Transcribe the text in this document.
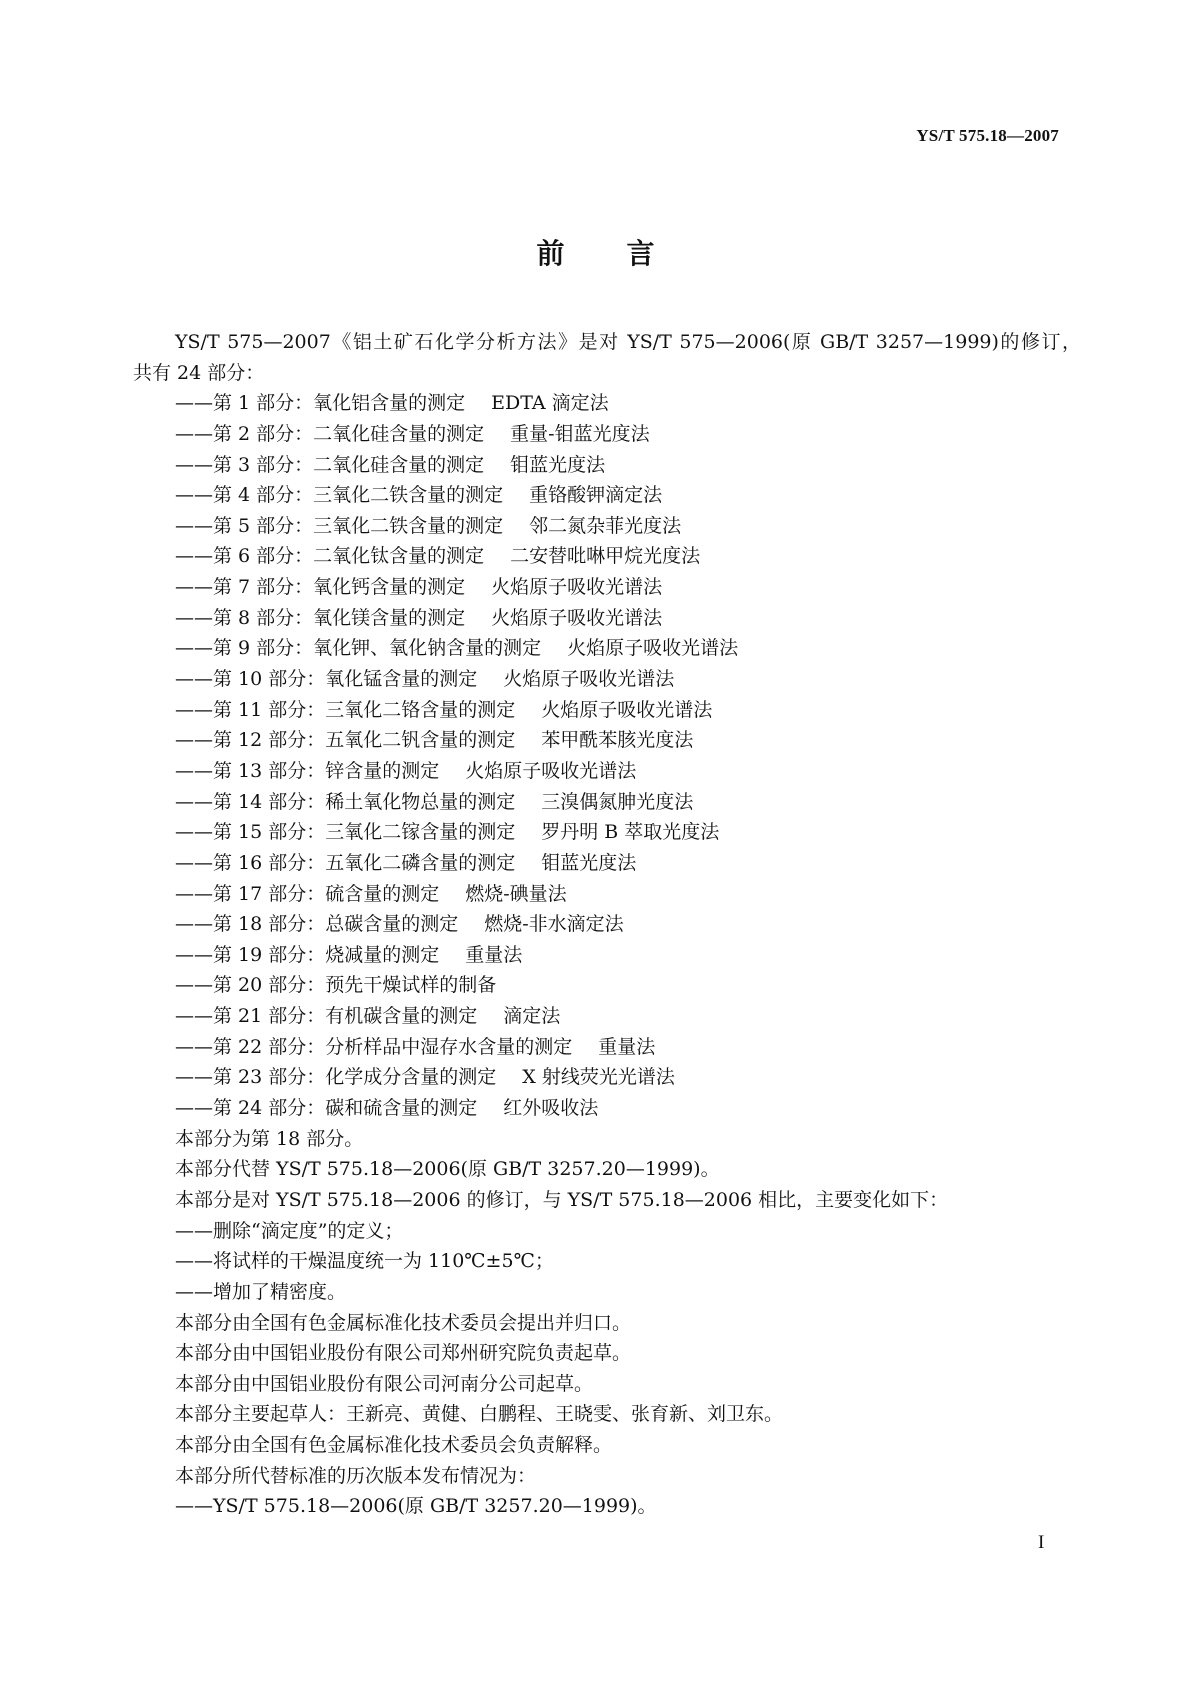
YS/T 575.18—2007
前 言
YS/T 575—2007《铝土矿石化学分析方法》是对 YS/T 575—2006(原 GB/T 3257—1999)的修订，
共有 24 部分：
——第 1 部分：氧化铝含量的测定 EDTA 滴定法
——第 2 部分：二氧化硅含量的测定 重量-钼蓝光度法
——第 3 部分：二氧化硅含量的测定 钼蓝光度法
——第 4 部分：三氧化二铁含量的测定 重铬酸钾滴定法
——第 5 部分：三氧化二铁含量的测定 邻二氮杂菲光度法
——第 6 部分：二氧化钛含量的测定 二安替吡啉甲烷光度法
——第 7 部分：氧化钙含量的测定 火焰原子吸收光谱法
——第 8 部分：氧化镁含量的测定 火焰原子吸收光谱法
——第 9 部分：氧化钾、氧化钠含量的测定 火焰原子吸收光谱法
——第 10 部分：氧化锰含量的测定 火焰原子吸收光谱法
——第 11 部分：三氧化二铬含量的测定 火焰原子吸收光谱法
——第 12 部分：五氧化二钒含量的测定 苯甲酰苯胲光度法
——第 13 部分：锌含量的测定 火焰原子吸收光谱法
——第 14 部分：稀土氧化物总量的测定 三溴偶氮胂光度法
——第 15 部分：三氧化二镓含量的测定 罗丹明 B 萃取光度法
——第 16 部分：五氧化二磷含量的测定 钼蓝光度法
——第 17 部分：硫含量的测定 燃烧-碘量法
——第 18 部分：总碳含量的测定 燃烧-非水滴定法
——第 19 部分：烧减量的测定 重量法
——第 20 部分：预先干燥试样的制备
——第 21 部分：有机碳含量的测定 滴定法
——第 22 部分：分析样品中湿存水含量的测定 重量法
——第 23 部分：化学成分含量的测定 X 射线荧光光谱法
——第 24 部分：碳和硫含量的测定 红外吸收法
本部分为第 18 部分。
本部分代替 YS/T 575.18—2006(原 GB/T 3257.20—1999)。
本部分是对 YS/T 575.18—2006 的修订，与 YS/T 575.18—2006 相比，主要变化如下：
——删除“滴定度”的定义；
——将试样的干燥温度统一为 110℃±5℃；
——增加了精密度。
本部分由全国有色金属标准化技术委员会提出并归口。
本部分由中国铝业股份有限公司郑州研究院负责起草。
本部分由中国铝业股份有限公司河南分公司起草。
本部分主要起草人：王新亮、黄健、白鹏程、王晓雯、张育新、刘卫东。
本部分由全国有色金属标准化技术委员会负责解释。
本部分所代替标准的历次版本发布情况为：
——YS/T 575.18—2006(原 GB/T 3257.20—1999)。
I
